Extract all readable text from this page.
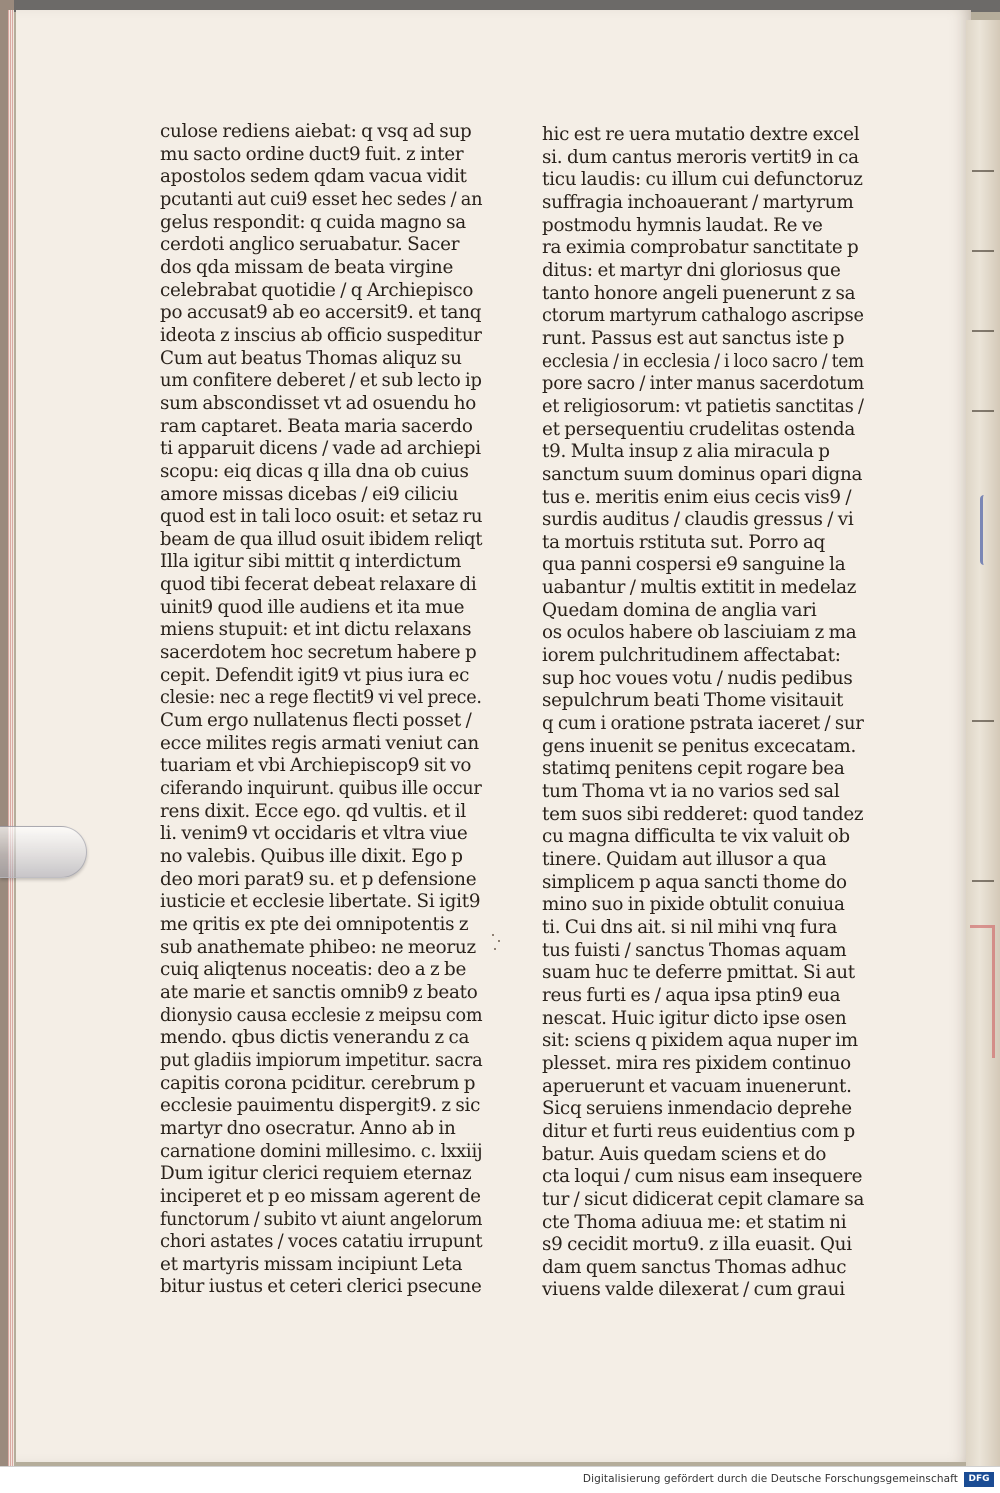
culose rediens aiebat: q vsq ad sup
mu sacto ordine duct9 fuit. z inter
apostolos sedem qdam vacua vidit
pcutanti aut cui9 esset hec sedes / an
gelus respondit: q cuida magno sa
cerdoti anglico seruabatur. Sacer
dos qda missam de beata virgine
celebrabat quotidie / q Archiepisco
po accusat9 ab eo accersit9. et tanq
ideota z inscius ab officio suspeditur
Cum aut beatus Thomas aliquz su
um confitere deberet / et sub lecto ip
sum abscondisset vt ad osuendu ho
ram captaret. Beata maria sacerdo
ti apparuit dicens / vade ad archiepi
scopu: eiq dicas q illa dna ob cuius
amore missas dicebas / ei9 ciliciu
quod est in tali loco osuit: et setaz ru
beam de qua illud osuit ibidem reliqt
Illa igitur sibi mittit q interdictum
quod tibi fecerat debeat relaxare di
uinit9 quod ille audiens et ita mue
miens stupuit: et int dictu relaxans
sacerdotem hoc secretum habere p
cepit. Defendit igit9 vt pius iura ec
clesie: nec a rege flectit9 vi vel prece.
Cum ergo nullatenus flecti posset /
ecce milites regis armati veniut can
tuariam et vbi Archiepiscop9 sit vo
ciferando inquirunt. quibus ille occur
rens dixit. Ecce ego. qd vultis. et il
li. venim9 vt occidaris et vltra viue
no valebis. Quibus ille dixit. Ego p
deo mori parat9 su. et p defensione
iusticie et ecclesie libertate. Si igit9
me qritis ex pte dei omnipotentis z
sub anathemate phibeo: ne meoruz
cuiq aliqtenus noceatis: deo a z be
ate marie et sanctis omnib9 z beato
dionysio causa ecclesie z meipsu com
mendo. qbus dictis venerandu z ca
put gladiis impiorum impetitur. sacra
capitis corona pciditur. cerebrum p
ecclesie pauimentu dispergit9. z sic
martyr dno osecratur. Anno ab in
carnatione domini millesimo. c. lxxiij
Dum igitur clerici requiem eternaz
inciperet et p eo missam agerent de
functorum / subito vt aiunt angelorum
chori astates / voces catatiu irrupunt
et martyris missam incipiunt Leta
bitur iustus et ceteri clerici psecune
hic est re uera mutatio dextre excel
si. dum cantus meroris vertit9 in ca
ticu laudis: cu illum cui defunctoruz
suffragia inchoauerant / martyrum
postmodu hymnis laudat. Re ve
ra eximia comprobatur sanctitate p
ditus: et martyr dni gloriosus que
tanto honore angeli puenerunt z sa
ctorum martyrum cathalogo ascripse
runt. Passus est aut sanctus iste p
ecclesia / in ecclesia / i loco sacro / tem
pore sacro / inter manus sacerdotum
et religiosorum: vt patietis sanctitas /
et persequentiu crudelitas ostenda
t9. Multa insup z alia miracula p
sanctum suum dominus opari digna
tus e. meritis enim eius cecis vis9 /
surdis auditus / claudis gressus / vi
ta mortuis rstituta sut. Porro aq
qua panni cospersi e9 sanguine la
uabantur / multis extitit in medelaz
Quedam domina de anglia vari
os oculos habere ob lasciuiam z ma
iorem pulchritudinem affectabat:
sup hoc voues votu / nudis pedibus
sepulchrum beati Thome visitauit
q cum i oratione pstrata iaceret / sur
gens inuenit se penitus excecatam.
statimq penitens cepit rogare bea
tum Thoma vt ia no varios sed sal
tem suos sibi redderet: quod tandez
cu magna difficulta te vix valuit ob
tinere. Quidam aut illusor a qua
simplicem p aqua sancti thome do
mino suo in pixide obtulit conuiua
ti. Cui dns ait. si nil mihi vnq fura
tus fuisti / sanctus Thomas aquam
suam huc te deferre pmittat. Si aut
reus furti es / aqua ipsa ptin9 eua
nescat. Huic igitur dicto ipse osen
sit: sciens q pixidem aqua nuper im
plesset. mira res pixidem continuo
aperuerunt et vacuam inuenerunt.
Sicq seruiens inmendacio deprehe
ditur et furti reus euidentius com p
batur. Auis quedam sciens et do
cta loqui / cum nisus eam insequere
tur / sicut didicerat cepit clamare sa
cte Thoma adiuua me: et statim ni
s9 cecidit mortu9. z illa euasit. Qui
dam quem sanctus Thomas adhuc
viuens valde dilexerat / cum graui
Digitalisierung gefördert durch die Deutsche Forschungsgemeinschaft	DFG
